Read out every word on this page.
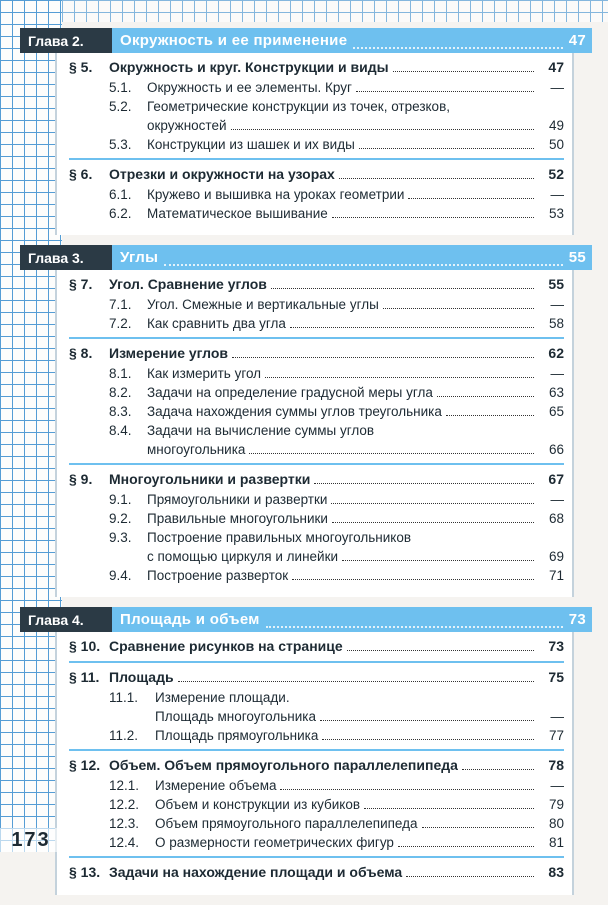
Глава 2.	Окружность и ее применение	47
§ 5.	Окружность и круг. Конструкции и виды	47
5.1.	Окружность и ее элементы. Круг	—
5.2.	Геометрические конструкции из точек, отрезков,
окружностей	49
5.3.	Конструкции из шашек и их виды	50
§ 6.	Отрезки и окружности на узорах	52
6.1.	Кружево и вышивка на уроках геометрии	—
6.2.	Математическое вышивание	53
Глава 3.	Углы	55
§ 7.	Угол. Сравнение углов	55
7.1.	Угол. Смежные и вертикальные углы	—
7.2.	Как сравнить два угла	58
§ 8.	Измерение углов	62
8.1.	Как измерить угол	—
8.2.	Задачи на определение градусной меры угла	63
8.3.	Задача нахождения суммы углов треугольника	65
8.4.	Задачи на вычисление суммы углов
многоугольника	66
§ 9.	Многоугольники и развертки	67
9.1.	Прямоугольники и развертки	—
9.2.	Правильные многоугольники	68
9.3.	Построение правильных многоугольников
с помощью циркуля и линейки	69
9.4.	Построение разверток	71
Глава 4.	Площадь и объем	73
§ 10. Сравнение рисунков на странице	73
§ 11. Площадь	75
11.1.	Измерение площади.
Площадь многоугольника	—
11.2.	Площадь прямоугольника	77
§ 12. Объем. Объем прямоугольного параллелепипеда	78
12.1.	Измерение объема	—
12.2.	Объем и конструкции из кубиков	79
12.3.	Объем прямоугольного параллелепипеда	80
12.4.	О размерности геометрических фигур	81
§ 13. Задачи на нахождение площади и объема	83
173
